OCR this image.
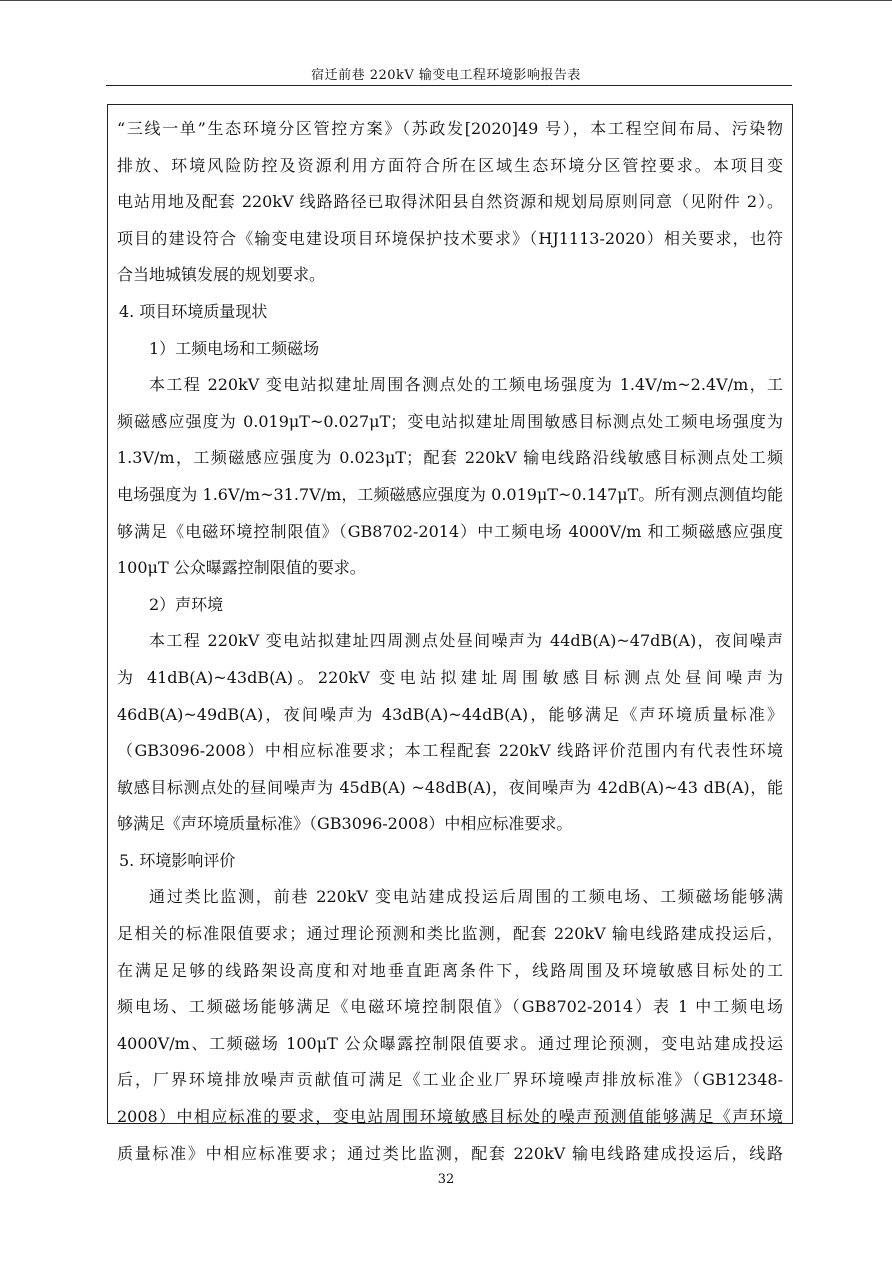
宿迁前巷 220kV 输变电工程环境影响报告表
“三线一单”生态环境分区管控方案》（苏政发[2020]49 号），本工程空间布局、污染物
排放、环境风险防控及资源利用方面符合所在区域生态环境分区管控要求。本项目变
电站用地及配套 220kV 线路路径已取得沭阳县自然资源和规划局原则同意（见附件 2）。
项目的建设符合《输变电建设项目环境保护技术要求》（HJ1113-2020）相关要求，也符
合当地城镇发展的规划要求。
4. 项目环境质量现状
1）工频电场和工频磁场
本工程 220kV 变电站拟建址周围各测点处的工频电场强度为 1.4V/m~2.4V/m，工
频磁感应强度为 0.019μT~0.027μT；变电站拟建址周围敏感目标测点处工频电场强度为
1.3V/m，工频磁感应强度为 0.023μT；配套 220kV 输电线路沿线敏感目标测点处工频
电场强度为 1.6V/m~31.7V/m，工频磁感应强度为 0.019μT~0.147μT。所有测点测值均能
够满足《电磁环境控制限值》（GB8702-2014）中工频电场 4000V/m 和工频磁感应强度
100μT 公众曝露控制限值的要求。
2）声环境
本工程 220kV 变电站拟建址四周测点处昼间噪声为 44dB(A)~47dB(A)，夜间噪声
为 41dB(A)~43dB(A)。220kV 变电站拟建址周围敏感目标测点处昼间噪声为
46dB(A)~49dB(A)，夜间噪声为 43dB(A)~44dB(A)，能够满足《声环境质量标准》
（GB3096-2008）中相应标准要求；本工程配套 220kV 线路评价范围内有代表性环境
敏感目标测点处的昼间噪声为 45dB(A) ~48dB(A)，夜间噪声为 42dB(A)~43 dB(A)，能
够满足《声环境质量标准》（GB3096-2008）中相应标准要求。
5. 环境影响评价
通过类比监测，前巷 220kV 变电站建成投运后周围的工频电场、工频磁场能够满
足相关的标准限值要求；通过理论预测和类比监测，配套 220kV 输电线路建成投运后，
在满足足够的线路架设高度和对地垂直距离条件下，线路周围及环境敏感目标处的工
频电场、工频磁场能够满足《电磁环境控制限值》（GB8702-2014）表 1 中工频电场
4000V/m、工频磁场 100μT 公众曝露控制限值要求。通过理论预测，变电站建成投运
后，厂界环境排放噪声贡献值可满足《工业企业厂界环境噪声排放标准》（GB12348-
2008）中相应标准的要求，变电站周围环境敏感目标处的噪声预测值能够满足《声环境
质量标准》中相应标准要求；通过类比监测，配套 220kV 输电线路建成投运后，线路
32
